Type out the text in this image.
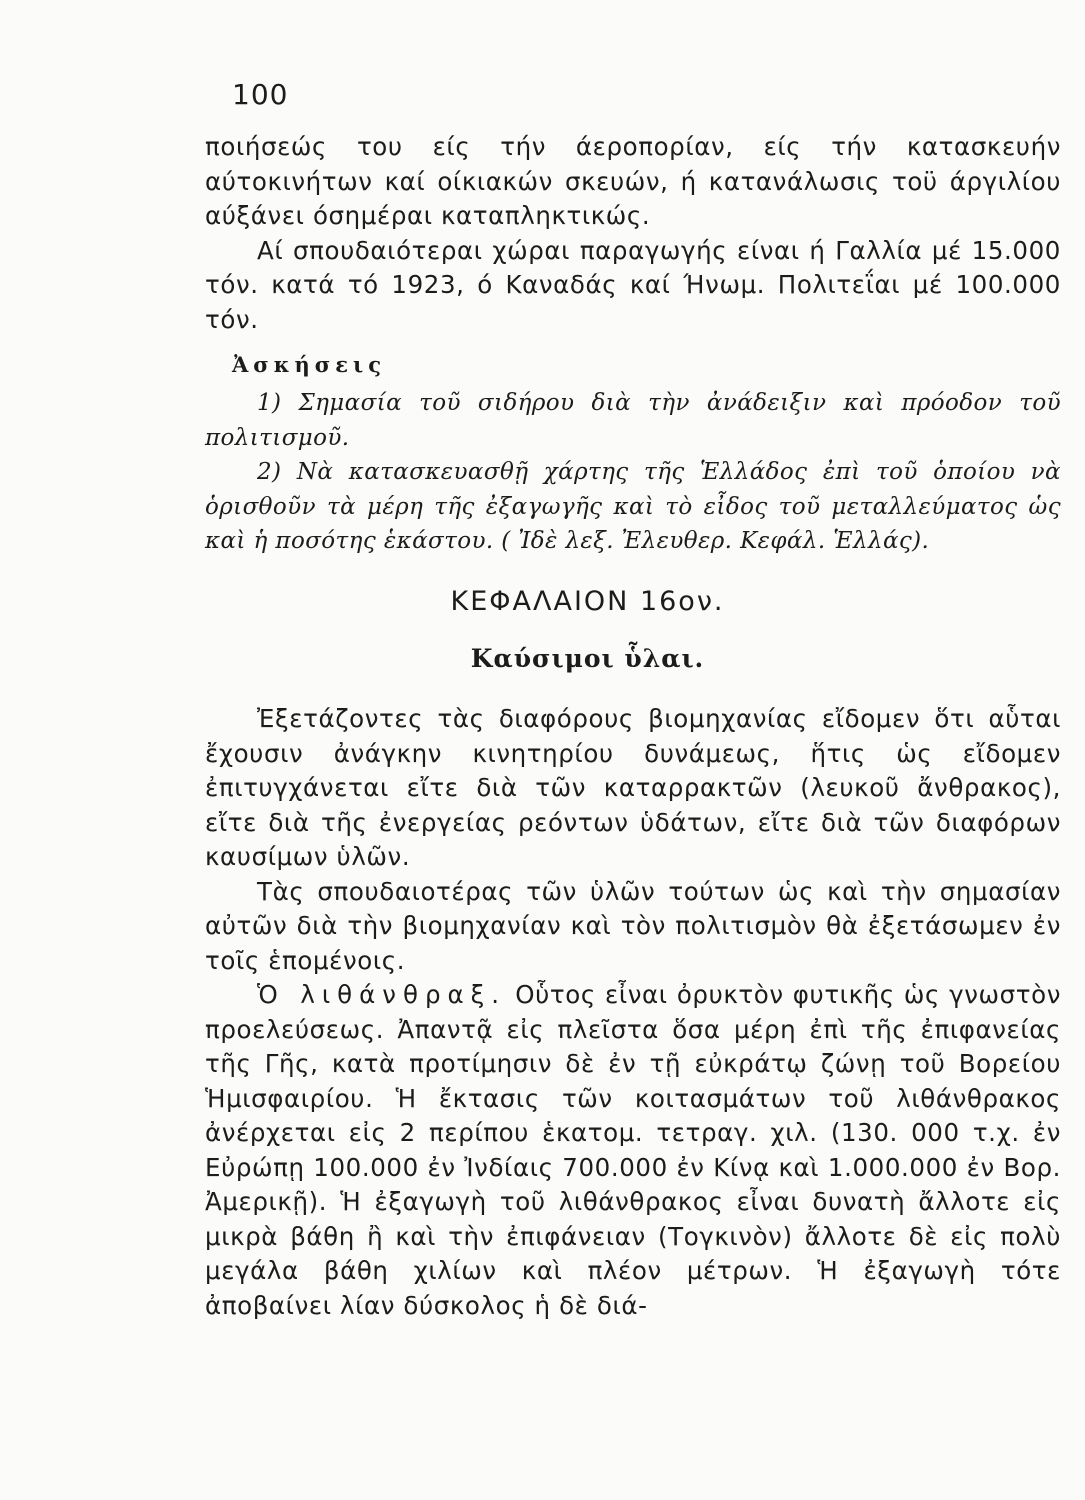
100

ποιήσεώς του είς τήν άεροπορίαν, είς τήν κατασκευήν αύτοκινήτων καί οίκιακών σκευών, ή κατανάλωσις τοϋ άργιλίου αύξάνει όσημέραι καταπληκτικώς.

Αί σπουδαιότεραι χώραι παραγωγής είναι ή Γαλλία μέ 15.000 τόν. κατά τό 1923, ό Καναδάς καί Ήνωμ. Πολιτεΐαι μέ 100.000 τόν.

Ἀσκήσεις

1) Σημασία τοῦ σιδήρου διὰ τὴν ἀνάδειξιν καὶ πρόοδον τοῦ πολιτισμοῦ.

2) Νὰ κατασκευασθῇ χάρτης τῆς Ἑλλάδος ἐπὶ τοῦ ὁποίου νὰ ὁρισθοῦν τὰ μέρη τῆς ἐξαγωγῆς καὶ τὸ εἶδος τοῦ μεταλλεύματος ὡς καὶ ἡ ποσότης ἑκάστου. ( Ἰδὲ λεξ. Ἐλευθερ. Κεφάλ. Ἑλλάς).

ΚΕΦΑΛΑΙΟΝ 16ον.
Καύσιμοι ὗλαι.

Ἐξετάζοντες τὰς διαφόρους βιομηχανίας εἴδομεν ὅτι αὗται ἔχουσιν ἀνάγκην κινητηρίου δυνάμεως, ἥτις ὡς εἴδομεν ἐπιτυγχάνεται εἴτε διὰ τῶν καταρρακτῶν (λευκοῦ ἄνθρακος), εἴτε διὰ τῆς ἐνεργείας ρεόντων ὑδάτων, εἴτε διὰ τῶν διαφόρων καυσίμων ὑλῶν.

Τὰς σπουδαιοτέρας τῶν ὑλῶν τούτων ὡς καὶ τὴν σημασίαν αὐτῶν διὰ τὴν βιομηχανίαν καὶ τὸν πολιτισμὸν θὰ ἐξετάσωμεν ἐν τοῖς ἑπομένοις.

Ὁ λιθάνθραξ. Οὗτος εἶναι ὀρυκτὸν φυτικῆς ὡς γνωστὸν προελεύσεως. Ἀπαντᾷ εἰς πλεῖστα ὅσα μέρη ἐπὶ τῆς ἐπιφανείας τῆς Γῆς, κατὰ προτίμησιν δὲ ἐν τῇ εὐκράτῳ ζώνῃ τοῦ Βορείου Ἡμισφαιρίου. Ἡ ἔκτασις τῶν κοιτασμάτων τοῦ λιθάνθρακος ἀνέρχεται εἰς 2 περίπου ἑκατομ. τετραγ. χιλ. (130. 000 τ.χ. ἐν Εὐρώπῃ 100.000 ἐν Ἰνδίαις 700.000 ἐν Κίνᾳ καὶ 1.000.000 ἐν Βορ. Ἀμερικῇ). Ἡ ἐξαγωγὴ τοῦ λιθάνθρακος εἶναι δυνατὴ ἄλλοτε εἰς μικρὰ βάθη ἢ καὶ τὴν ἐπιφάνειαν (Τογκινὸν) ἄλλοτε δὲ εἰς πολὺ μεγάλα βάθη χιλίων καὶ πλέον μέτρων. Ἡ ἐξαγωγὴ τότε ἀποβαίνει λίαν δύσκολος ἡ δὲ διά-
